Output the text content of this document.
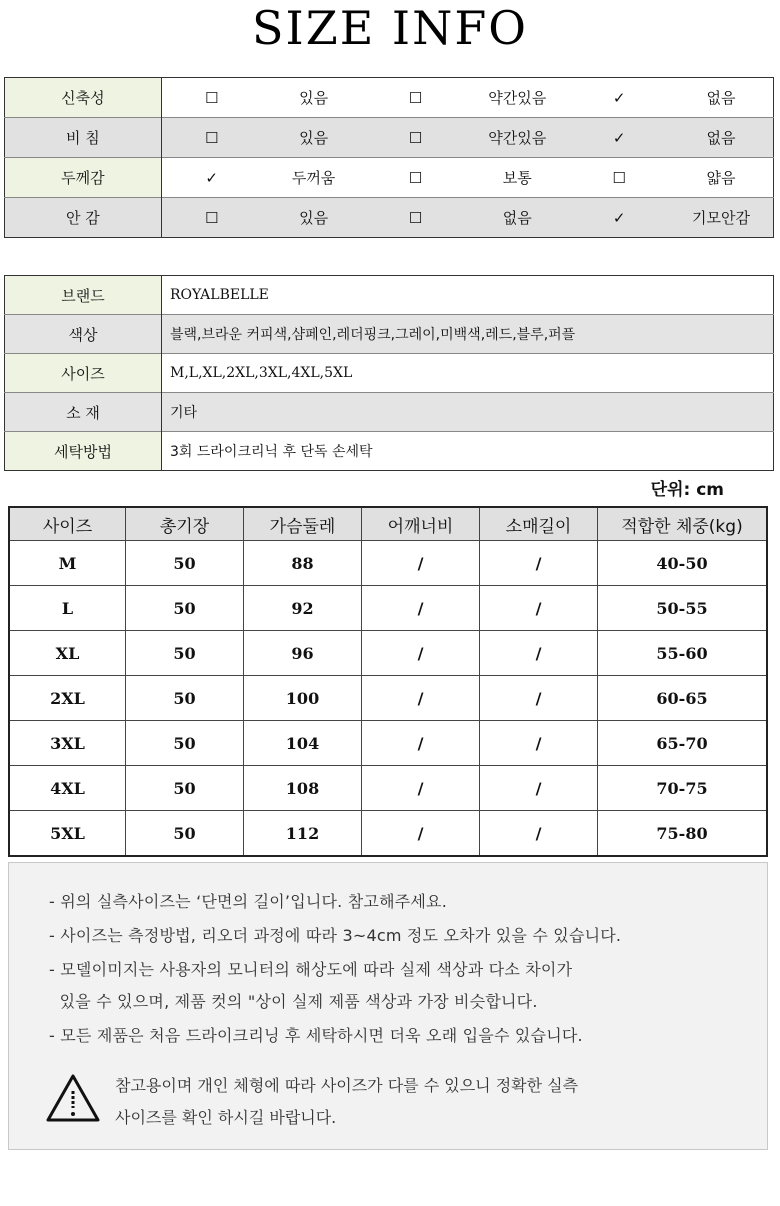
SIZE INFO
신축성	☐	있음	☐	약간있음	✓	없음
비 침	☐	있음	☐	약간있음	✓	없음
두께감	✓	두꺼움	☐	보통	☐	얇음
안 감	☐	있음	☐	없음	✓	기모안감
브랜드	ROYALBELLE
색상	블랙,브라운 커피색,샴페인,레더핑크,그레이,미백색,레드,블루,퍼플
사이즈	M,L,XL,2XL,3XL,4XL,5XL
소 재	기타
세탁방법	3회 드라이크리닉 후 단독 손세탁
단위: cm
사이즈	총기장	가슴둘레	어깨너비	소매길이	적합한 체중(kg)
M	50	88	/	/	40-50
L	50	92	/	/	50-55
XL	50	96	/	/	55-60
2XL	50	100	/	/	60-65
3XL	50	104	/	/	65-70
4XL	50	108	/	/	70-75
5XL	50	112	/	/	75-80
- 위의 실측사이즈는 ‘단면의 길이’입니다. 참고해주세요.
- 사이즈는 측정방법, 리오더 과정에 따라 3~4cm 정도 오차가 있을 수 있습니다.
- 모델이미지는 사용자의 모니터의 해상도에 따라 실제 색상과 다소 차이가
있을 수 있으며, 제품 컷의 "상이 실제 제품 색상과 가장 비슷합니다.
- 모든 제품은 처음 드라이크리닝 후 세탁하시면 더욱 오래 입을수 있습니다.
참고용이며 개인 체형에 따라 사이즈가 다를 수 있으니 정확한 실측
사이즈를 확인 하시길 바랍니다.
